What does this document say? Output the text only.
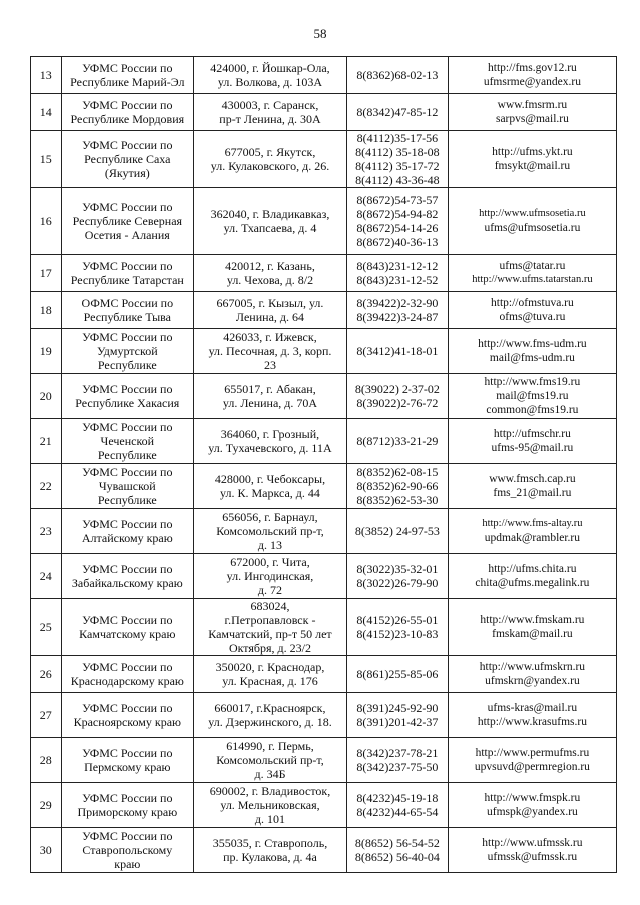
58
13	УФМС России по
Республике Марий-Эл	424000, г. Йошкар-Ола,
ул. Волкова, д. 103А	8(8362)68-02-13	http://fms.gov12.ru
ufmsrme@yandex.ru

14	УФМС России по
Республике Мордовия	430003, г. Саранск,
пр-т Ленина, д. 30А	8(8342)47-85-12	www.fmsrm.ru
sarpvs@mail.ru

15	УФМС России по
Республике Саха
(Якутия)	677005, г. Якутск,
ул. Кулаковского, д. 26.	8(4112)35-17-56
8(4112) 35-18-08
8(4112) 35-17-72
8(4112) 43-36-48	http://ufms.ykt.ru
fmsykt@mail.ru

16	УФМС России по
Республике Северная
Осетия - Алания	362040, г. Владикавказ,
ул. Тхапсаева, д. 4	8(8672)54-73-57
8(8672)54-94-82
8(8672)54-14-26
8(8672)40-36-13	http://www.ufmsosetia.ru
ufms@ufmsosetia.ru

17	УФМС России по
Республике Татарстан	420012, г. Казань,
ул. Чехова, д. 8/2	8(843)231-12-12
8(843)231-12-52	ufms@tatar.ru
http://www.ufms.tatarstan.ru

18	ОФМС России по
Республике Тыва	667005, г. Кызыл, ул.
Ленина, д. 64	8(39422)2-32-90
8(39422)3-24-87	http://ofmstuva.ru
ofms@tuva.ru

19	УФМС России по
Удмуртской
Республике	426033, г. Ижевск,
ул. Песочная, д. 3, корп.
23	8(3412)41-18-01	http://www.fms-udm.ru
mail@fms-udm.ru

20	УФМС России по
Республике Хакасия	655017, г. Абакан,
ул. Ленина, д. 70А	8(39022) 2-37-02
8(39022)2-76-72	http://www.fms19.ru
mail@fms19.ru
common@fms19.ru

21	УФМС России по
Чеченской
Республике	364060, г. Грозный,
ул. Тухачевского, д. 11А	8(8712)33-21-29	http://ufmschr.ru
ufms-95@mail.ru

22	УФМС России по
Чувашской
Республике	428000, г. Чебоксары,
ул. К. Маркса, д. 44	8(8352)62-08-15
8(8352)62-90-66
8(8352)62-53-30	www.fmsch.cap.ru
fms_21@mail.ru

23	УФМС России по
Алтайскому краю	656056, г. Барнаул,
Комсомольский пр-т,
д. 13	8(3852) 24-97-53	http://www.fms-altay.ru
updmak@rambler.ru

24	УФМС России по
Забайкальскому краю	672000, г. Чита,
ул. Ингодинская,
д. 72	8(3022)35-32-01
8(3022)26-79-90	http://ufms.chita.ru
chita@ufms.megalink.ru

25	УФМС России по
Камчатскому краю	683024,
г.Петропавловск -
Камчатский, пр-т 50 лет
Октября, д. 23/2	8(4152)26-55-01
8(4152)23-10-83	http://www.fmskam.ru
fmskam@mail.ru

26	УФМС России по
Краснодарскому краю	350020, г. Краснодар,
ул. Красная, д. 176	8(861)255-85-06	http://www.ufmskrn.ru
ufmskrn@yandex.ru

27	УФМС России по
Красноярскому краю	660017, г.Красноярск,
ул. Дзержинского, д. 18.	8(391)245-92-90
8(391)201-42-37	ufms-kras@mail.ru
http://www.krasufms.ru

28	УФМС России по
Пермскому краю	614990, г. Пермь,
Комсомольский пр-т,
д. 34Б	8(342)237-78-21
8(342)237-75-50	http://www.permufms.ru
upvsuvd@permregion.ru

29	УФМС России по
Приморскому краю	690002, г. Владивосток,
ул. Мельниковская,
д. 101	8(4232)45-19-18
8(4232)44-65-54	http://www.fmspk.ru
ufmspk@yandex.ru

30	УФМС России по
Ставропольскому
краю	355035, г. Ставрополь,
пр. Кулакова, д. 4а	8(8652) 56-54-52
8(8652) 56-40-04	http://www.ufmssk.ru
ufmssk@ufmssk.ru
